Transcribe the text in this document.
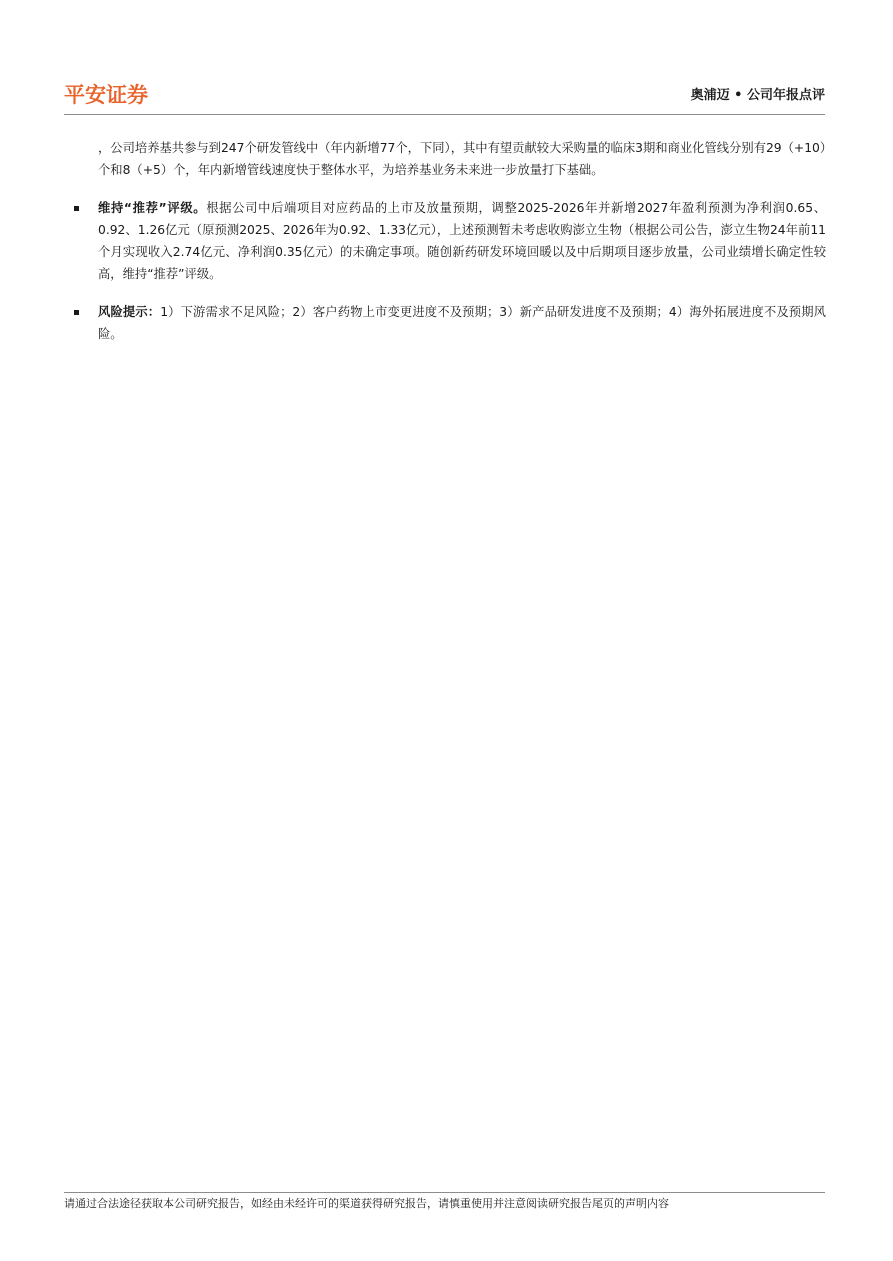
平安证券	奥浦迈 • 公司年报点评

，公司培养基共参与到247个研发管线中（年内新增77个，下同），其中有望贡献较大采购量的临床3期和商业化管线分别有29（+10）个和8（+5）个，年内新增管线速度快于整体水平，为培养基业务未来进一步放量打下基础。

维持“推荐”评级。根据公司中后端项目对应药品的上市及放量预期，调整2025-2026年并新增2027年盈利预测为净利润0.65、0.92、1.26亿元（原预测2025、2026年为0.92、1.33亿元），上述预测暂未考虑收购澎立生物（根据公司公告，澎立生物24年前11个月实现收入2.74亿元、净利润0.35亿元）的未确定事项。随创新药研发环境回暖以及中后期项目逐步放量，公司业绩增长确定性较高，维持“推荐”评级。

风险提示：1）下游需求不足风险；2）客户药物上市变更进度不及预期；3）新产品研发进度不及预期；4）海外拓展进度不及预期风险。

请通过合法途径获取本公司研究报告，如经由未经许可的渠道获得研究报告，请慎重使用并注意阅读研究报告尾页的声明内容
